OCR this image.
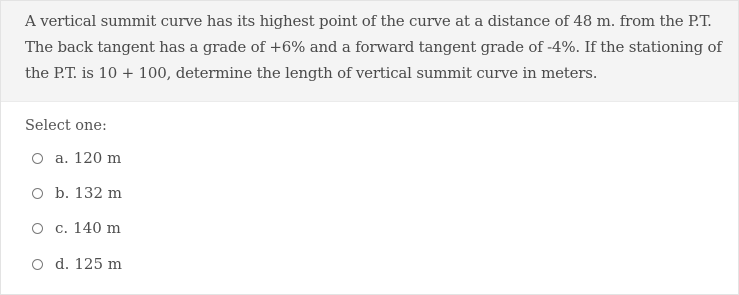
A vertical summit curve has its highest point of the curve at a distance of 48 m. from the P.T. The back tangent has a grade of +6% and a forward tangent grade of -4%. If the stationing of the P.T. is 10 + 100, determine the length of vertical summit curve in meters.
Select one:
a. 120 m
b. 132 m
c. 140 m
d. 125 m
